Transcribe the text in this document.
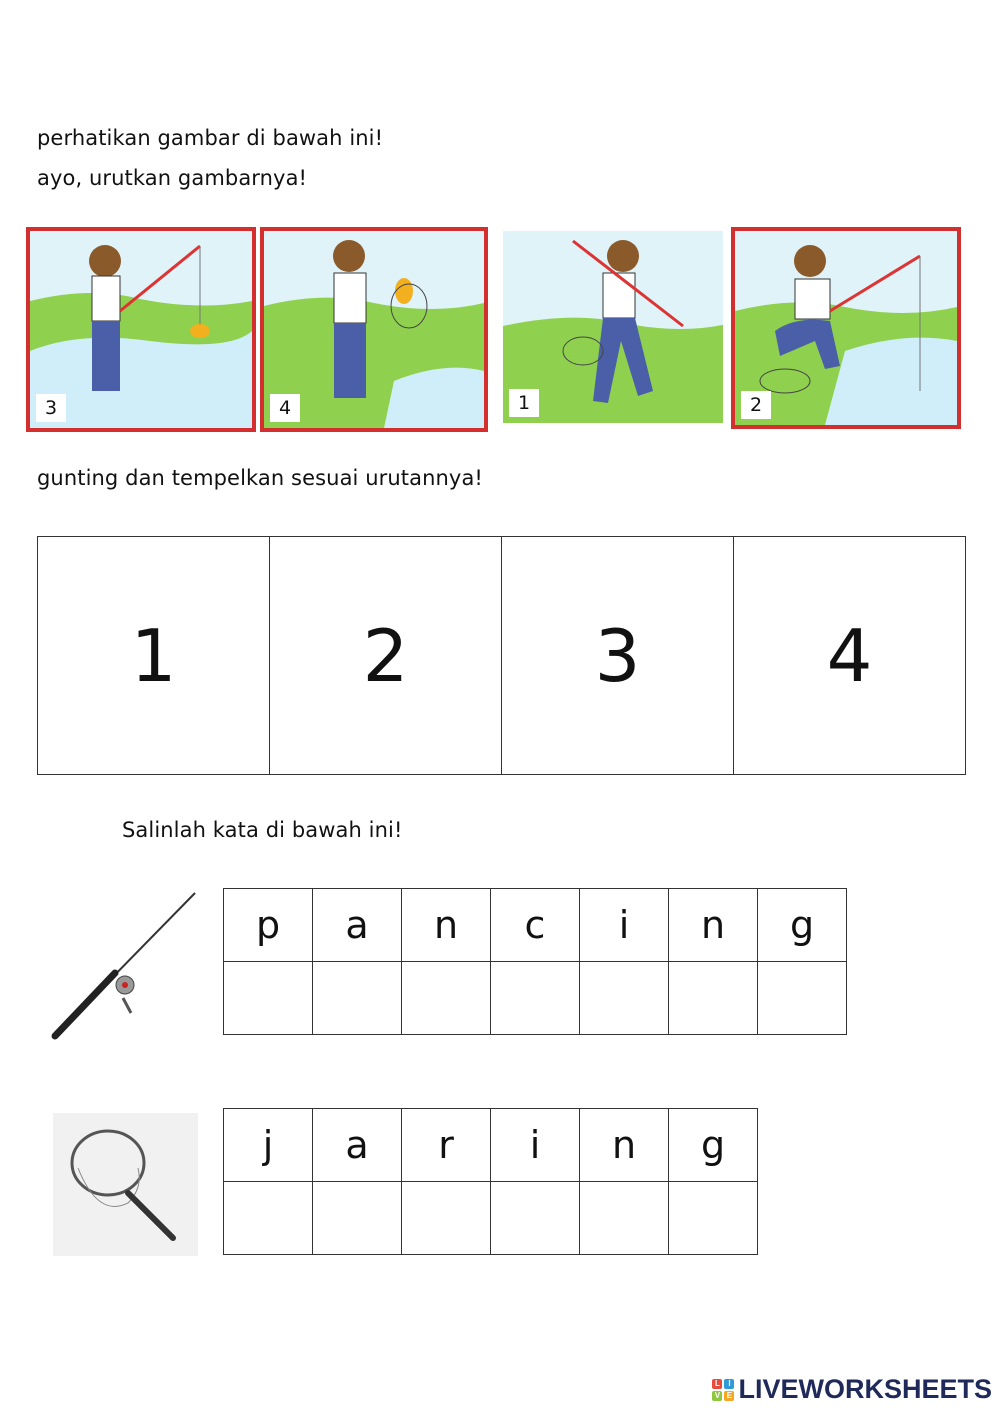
perhatikan gambar di bawah ini!
ayo, urutkan gambarnya!
3	4	1	2
gunting dan tempelkan sesuai urutannya!
1	2	3	4
Salinlah kata di bawah ini!
p	a	n	c	i	n	g

j	a	r	i	n	g

L	I
V E LIVEWORKSHEETS
